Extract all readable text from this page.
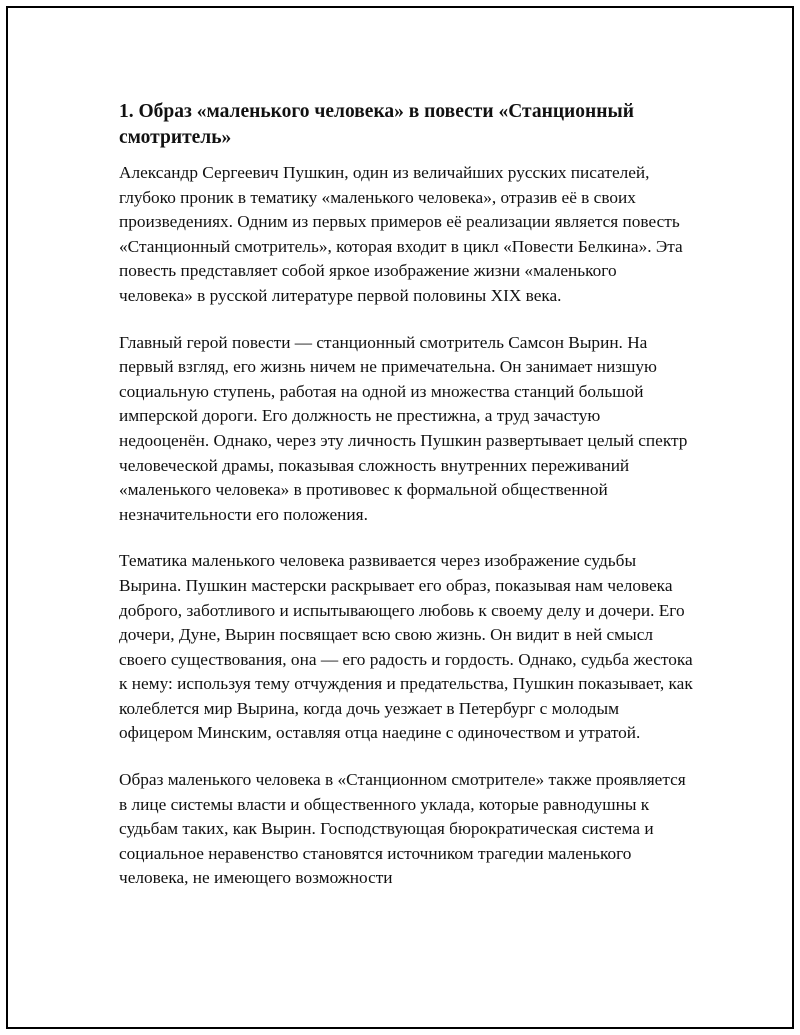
1. Образ «маленького человека» в повести «Станционный смотритель»

Александр Сергеевич Пушкин, один из величайших русских писателей, глубоко проник в тематику «маленького человека», отразив её в своих произведениях. Одним из первых примеров её реализации является повесть «Станционный смотритель», которая входит в цикл «Повести Белкина». Эта повесть представляет собой яркое изображение жизни «маленького человека» в русской литературе первой половины XIX века.

Главный герой повести — станционный смотритель Самсон Вырин. На первый взгляд, его жизнь ничем не примечательна. Он занимает низшую социальную ступень, работая на одной из множества станций большой имперской дороги. Его должность не престижна, а труд зачастую недооценён. Однако, через эту личность Пушкин развертывает целый спектр человеческой драмы, показывая сложность внутренних переживаний «маленького человека» в противовес к формальной общественной незначительности его положения.

Тематика маленького человека развивается через изображение судьбы Вырина. Пушкин мастерски раскрывает его образ, показывая нам человека доброго, заботливого и испытывающего любовь к своему делу и дочери. Его дочери, Дуне, Вырин посвящает всю свою жизнь. Он видит в ней смысл своего существования, она — его радость и гордость. Однако, судьба жестока к нему: используя тему отчуждения и предательства, Пушкин показывает, как колеблется мир Вырина, когда дочь уезжает в Петербург с молодым офицером Минским, оставляя отца наедине с одиночеством и утратой.

Образ маленького человека в «Станционном смотрителе» также проявляется в лице системы власти и общественного уклада, которые равнодушны к судьбам таких, как Вырин. Господствующая бюрократическая система и социальное неравенство становятся источником трагедии маленького человека, не имеющего возможности
